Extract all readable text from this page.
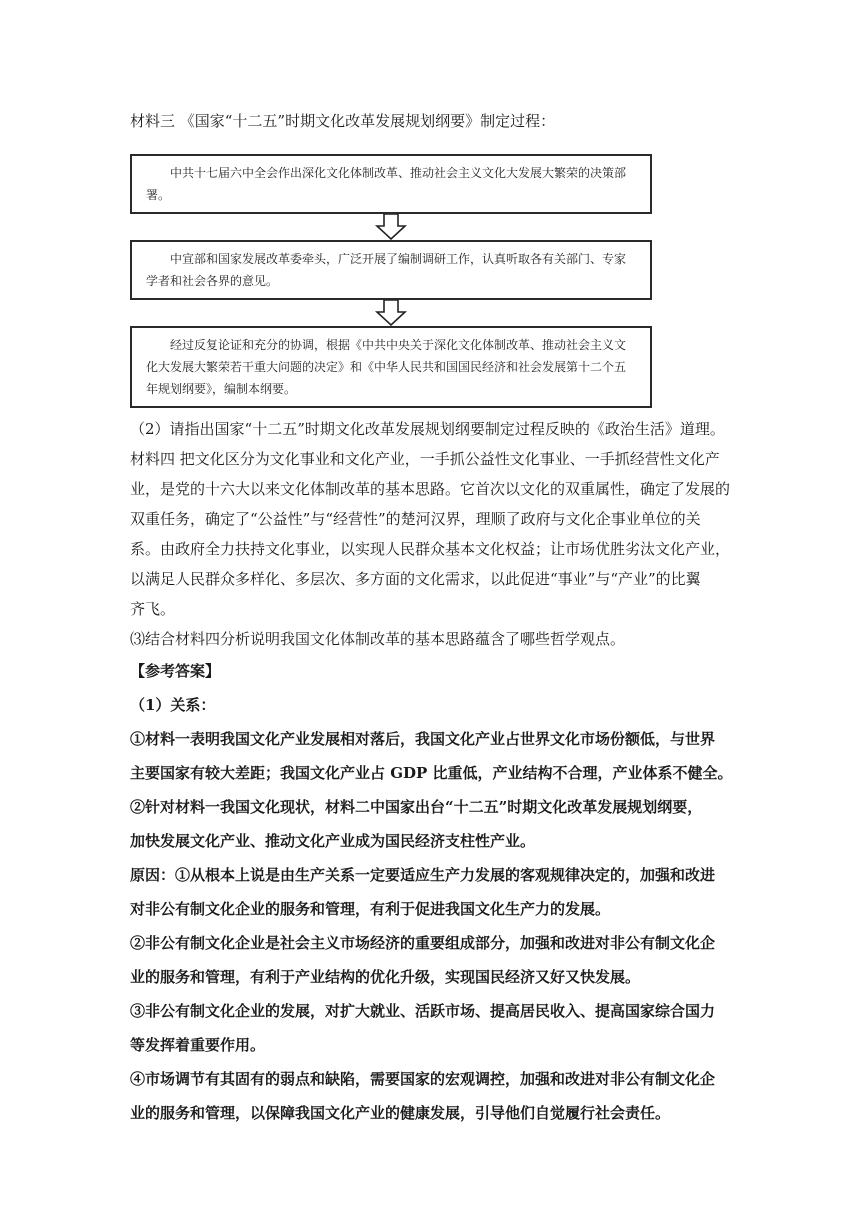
材料三 《国家“十二五”时期文化改革发展规划纲要》制定过程：

中共十七届六中全会作出深化文化体制改革、推动社会主义文化大发展大繁荣的决策部署。
中宣部和国家发展改革委牵头，广泛开展了编制调研工作，认真听取各有关部门、专家学者和社会各界的意见。
经过反复论证和充分的协调，根据《中共中央关于深化文化体制改革、推动社会主义文化大发展大繁荣若干重大问题的决定》和《中华人民共和国国民经济和社会发展第十二个五年规划纲要》，编制本纲要。

（2）请指出国家“十二五”时期文化改革发展规划纲要制定过程反映的《政治生活》道理。

材料四 把文化区分为文化事业和文化产业，一手抓公益性文化事业、一手抓经营性文化产

业，是党的十六大以来文化体制改革的基本思路。它首次以文化的双重属性，确定了发展的

双重任务，确定了“公益性”与“经营性”的楚河汉界，理顺了政府与文化企事业单位的关

系。由政府全力扶持文化事业，以实现人民群众基本文化权益；让市场优胜劣汰文化产业，

以满足人民群众多样化、多层次、多方面的文化需求，以此促进“事业”与“产业”的比翼

齐飞。

⑶结合材料四分析说明我国文化体制改革的基本思路蕴含了哪些哲学观点。

【参考答案】

（1）关系：

①材料一表明我国文化产业发展相对落后，我国文化产业占世界文化市场份额低，与世界

主要国家有较大差距；我国文化产业占 GDP 比重低，产业结构不合理，产业体系不健全。

②针对材料一我国文化现状，材料二中国家出台“十二五”时期文化改革发展规划纲要，

加快发展文化产业、推动文化产业成为国民经济支柱性产业。

原因：①从根本上说是由生产关系一定要适应生产力发展的客观规律决定的，加强和改进

对非公有制文化企业的服务和管理，有利于促进我国文化生产力的发展。

②非公有制文化企业是社会主义市场经济的重要组成部分，加强和改进对非公有制文化企

业的服务和管理，有利于产业结构的优化升级，实现国民经济又好又快发展。

③非公有制文化企业的发展，对扩大就业、活跃市场、提高居民收入、提高国家综合国力

等发挥着重要作用。

④市场调节有其固有的弱点和缺陷，需要国家的宏观调控，加强和改进对非公有制文化企

业的服务和管理，以保障我国文化产业的健康发展，引导他们自觉履行社会责任。
